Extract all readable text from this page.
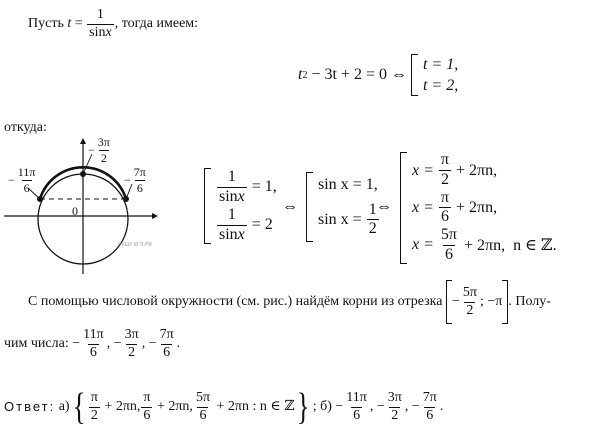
Пусть
t
=
$\frac{1}{\sin x}$ , тогда имеем:
t 2 − 3t + 2 = 0 ⇔
t = 1,
t = 2,
откуда:
РЕШУ ЕГЭ.РФ
− $\frac{3\pi}{2}$
− $\frac{11\pi}{6}$	− $\frac{7\pi}{6}$
0
$\frac{1}{\sin x}$
= 1,
$\frac{1}{\sin x}$
= 2
⇔
sin x = 1,
sin x =
$\frac{1}{2}$
⇔
x =
$\frac{\pi}{2}$
+ 2πn,
x =
$\frac{\pi}{6}$
+ 2πn,
x =
$\frac{5\pi}{6}$
+ 2πn,  n ∈ ℤ.
С помощью числовой окружности (см. рис.) найдём корни из отрезка
− $\frac{5\pi}{2}$ ; −π . Полу-
чим числа:
− $\frac{11\pi}{6}$ , − $\frac{3\pi}{2}$ , − $\frac{7\pi}{6}$ .
Ответ:
а) { $\frac{\pi}{2}$
+ 2πn, $\frac{\pi}{6}$
+ 2πn, $\frac{5\pi}{6}$
+ 2πn : n ∈ ℤ } ; б)
− $\frac{11\pi}{6}$ , − $\frac{3\pi}{2}$ , − $\frac{7\pi}{6}$ .
